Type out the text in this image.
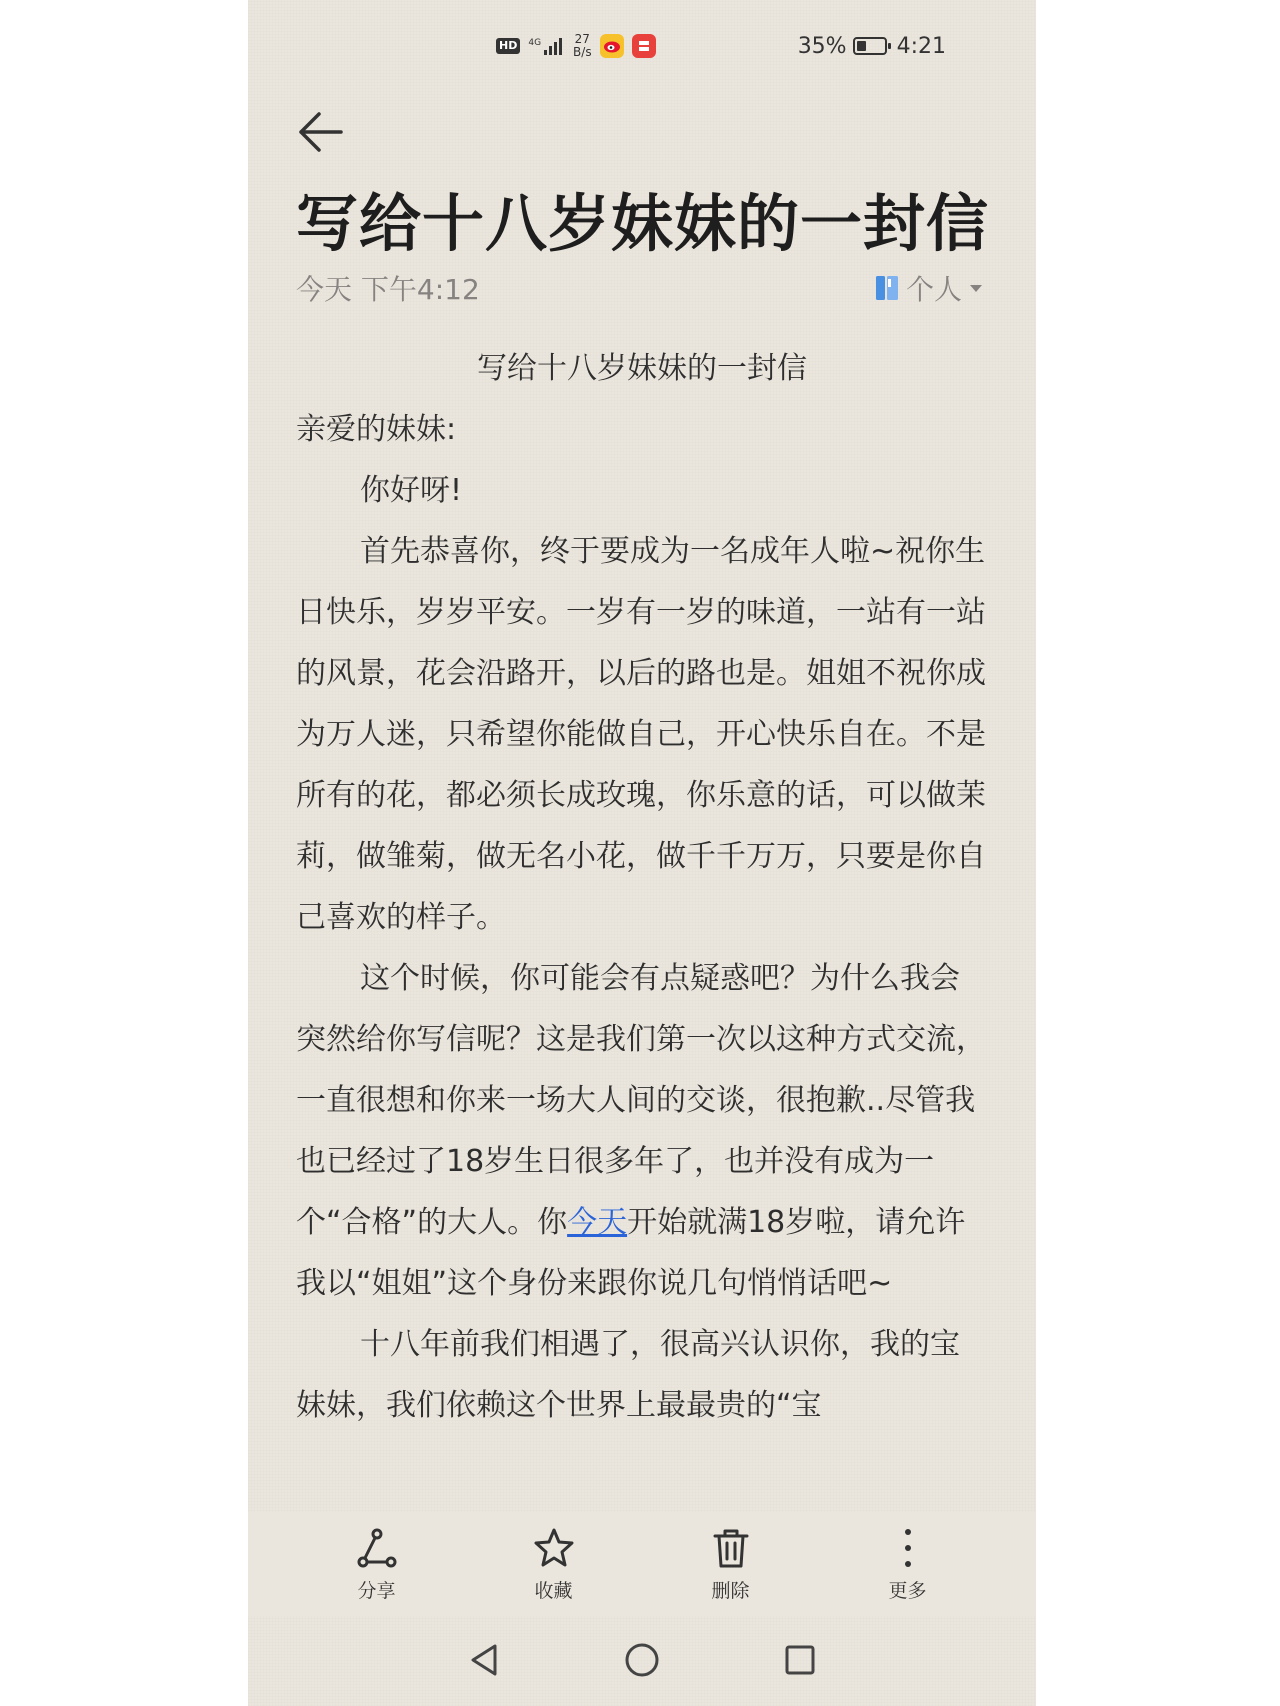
HD	4G	27
B/s	35% 4:21
写给十八岁妹妹的一封信
今天 下午4:12	个人

写给十八岁妹妹的一封信

亲爱的妹妹:

你好呀!

首先恭喜你，终于要成为一名成年人啦~祝你生日快乐，岁岁平安。一岁有一岁的味道，一站有一站的风景，花会沿路开，以后的路也是。姐姐不祝你成为万人迷，只希望你能做自己，开心快乐自在。不是所有的花，都必须长成玫瑰，你乐意的话，可以做茉莉，做雏菊，做无名小花，做千千万万，只要是你自己喜欢的样子。

这个时候，你可能会有点疑惑吧？为什么我会突然给你写信呢？这是我们第一次以这种方式交流，一直很想和你来一场大人间的交谈，很抱歉..尽管我也已经过了18岁生日很多年了，也并没有成为一个“合格”的大人。你今天开始就满18岁啦，请允许我以“姐姐”这个身份来跟你说几句悄悄话吧~

十八年前我们相遇了，很高兴认识你，我的宝妹妹，我们依赖这个世界上最最贵的“宝

分享	收藏	删除	更多
